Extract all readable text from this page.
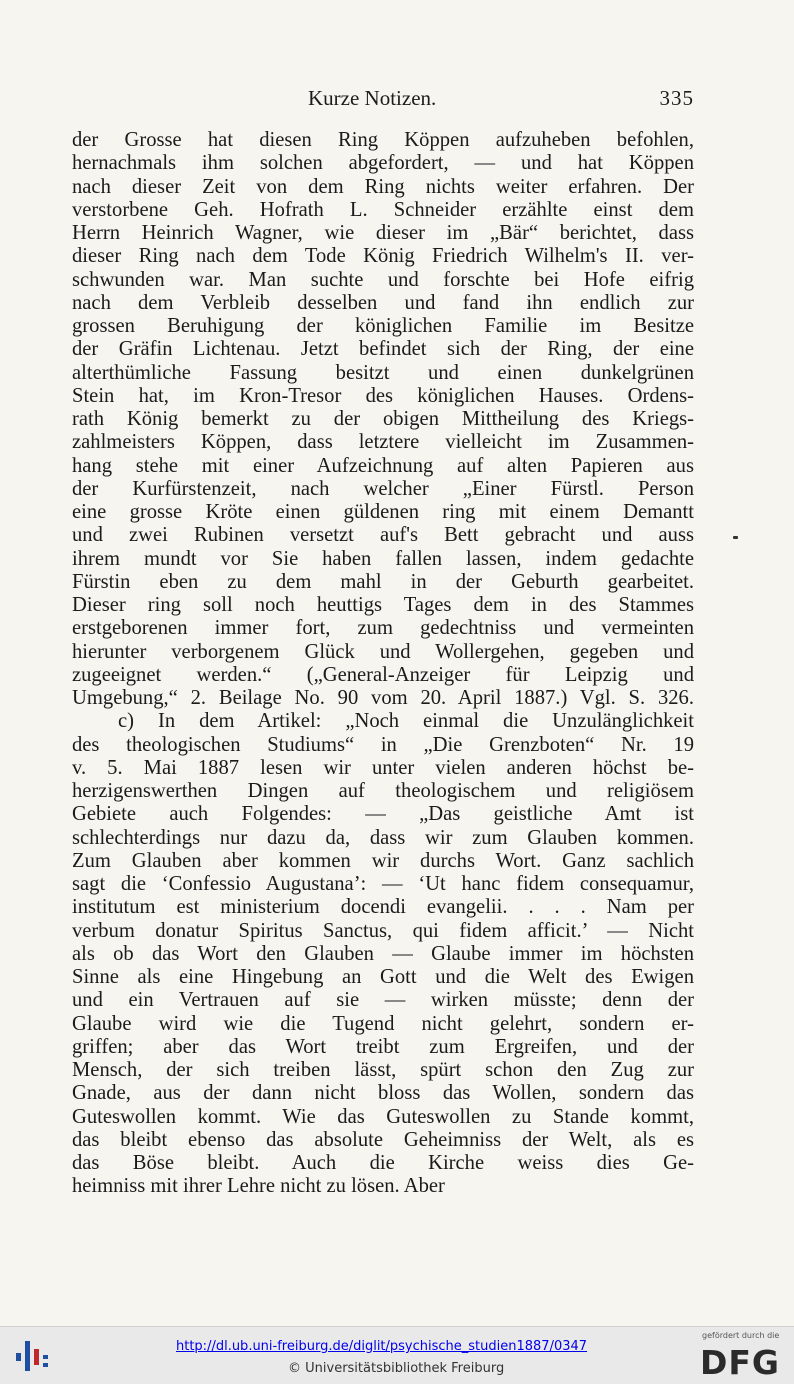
Kurze Notizen.	335
der Grosse hat diesen Ring Köppen aufzuheben befohlen,
hernachmals ihm solchen abgefordert, — und hat Köppen
nach dieser Zeit von dem Ring nichts weiter erfahren. Der
verstorbene Geh. Hofrath L. Schneider erzählte einst dem
Herrn Heinrich Wagner, wie dieser im „Bär“ berichtet, dass
dieser Ring nach dem Tode König Friedrich Wilhelm's II. ver-
schwunden war. Man suchte und forschte bei Hofe eifrig
nach dem Verbleib desselben und fand ihn endlich zur
grossen Beruhigung der königlichen Familie im Besitze
der Gräfin Lichtenau. Jetzt befindet sich der Ring, der eine
alterthümliche Fassung besitzt und einen dunkelgrünen
Stein hat, im Kron-Tresor des königlichen Hauses. Ordens-
rath König bemerkt zu der obigen Mittheilung des Kriegs-
zahlmeisters Köppen, dass letztere vielleicht im Zusammen-
hang stehe mit einer Aufzeichnung auf alten Papieren aus
der Kurfürstenzeit, nach welcher „Einer Fürstl. Person
eine grosse Kröte einen güldenen ring mit einem Demantt
und zwei Rubinen versetzt auf's Bett gebracht und auss
ihrem mundt vor Sie haben fallen lassen, indem gedachte
Fürstin eben zu dem mahl in der Geburth gearbeitet.
Dieser ring soll noch heuttigs Tages dem in des Stammes
erstgeborenen immer fort, zum gedechtniss und vermeinten
hierunter verborgenem Glück und Wollergehen, gegeben und
zugeeignet werden.“ („General-Anzeiger für Leipzig und
Umgebung,“ 2. Beilage No. 90 vom 20. April 1887.) Vgl. S. 326.
c) In dem Artikel: „Noch einmal die Unzulänglichkeit
des theologischen Studiums“ in „Die Grenzboten“ Nr. 19
v. 5. Mai 1887 lesen wir unter vielen anderen höchst be-
herzigenswerthen Dingen auf theologischem und religiösem
Gebiete auch Folgendes: — „Das geistliche Amt ist
schlechterdings nur dazu da, dass wir zum Glauben kommen.
Zum Glauben aber kommen wir durchs Wort. Ganz sachlich
sagt die ‘Confessio Augustana’: — ‘Ut hanc fidem consequamur,
institutum est ministerium docendi evangelii. . . . Nam per
verbum donatur Spiritus Sanctus, qui fidem afficit.’ — Nicht
als ob das Wort den Glauben — Glaube immer im höchsten
Sinne als eine Hingebung an Gott und die Welt des Ewigen
und ein Vertrauen auf sie — wirken müsste; denn der
Glaube wird wie die Tugend nicht gelehrt, sondern er-
griffen; aber das Wort treibt zum Ergreifen, und der
Mensch, der sich treiben lässt, spürt schon den Zug zur
Gnade, aus der dann nicht bloss das Wollen, sondern das
Guteswollen kommt. Wie das Guteswollen zu Stande kommt,
das bleibt ebenso das absolute Geheimniss der Welt, als es
das Böse bleibt. Auch die Kirche weiss dies Ge-
heimniss mit ihrer Lehre nicht zu lösen. Aber
http://dl.ub.uni-freiburg.de/diglit/psychische_studien1887/0347
© Universitätsbibliothek Freiburg
gefördert durch die
DFG
